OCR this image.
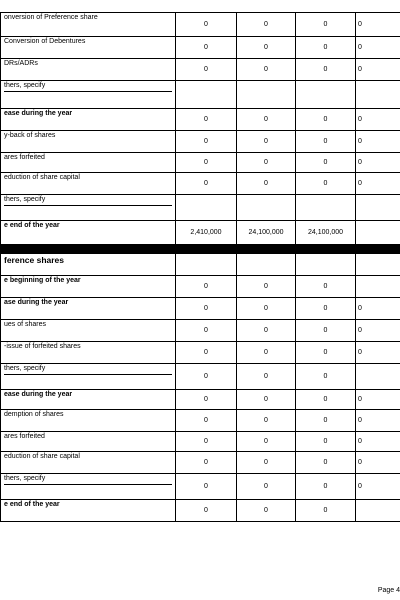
onversion of Preference share	0	0	0	0
Conversion of Debentures	0	0	0	0
DRs/ADRs	0	0	0	0

thers, specify				

ease during the year	0	0	0	0
y-back of shares	0	0	0	0
ares forfeited	0	0	0	0
eduction of share capital	0	0	0	0

thers, specify				

e end of the year	2,410,000	24,100,000	24,100,000	

ference shares				
e beginning of the year	0	0	0	
ase during the year	0	0	0	0
ues of shares	0	0	0	0
-issue of forfeited shares	0	0	0	0

thers, specify	0	0	0	
ease during the year	0	0	0	0
demption of shares	0	0	0	0
ares forfeited	0	0	0	0
eduction of share capital	0	0	0	0

thers, specify	0	0	0	0
e end of the year	0	0	0	
Page 4
